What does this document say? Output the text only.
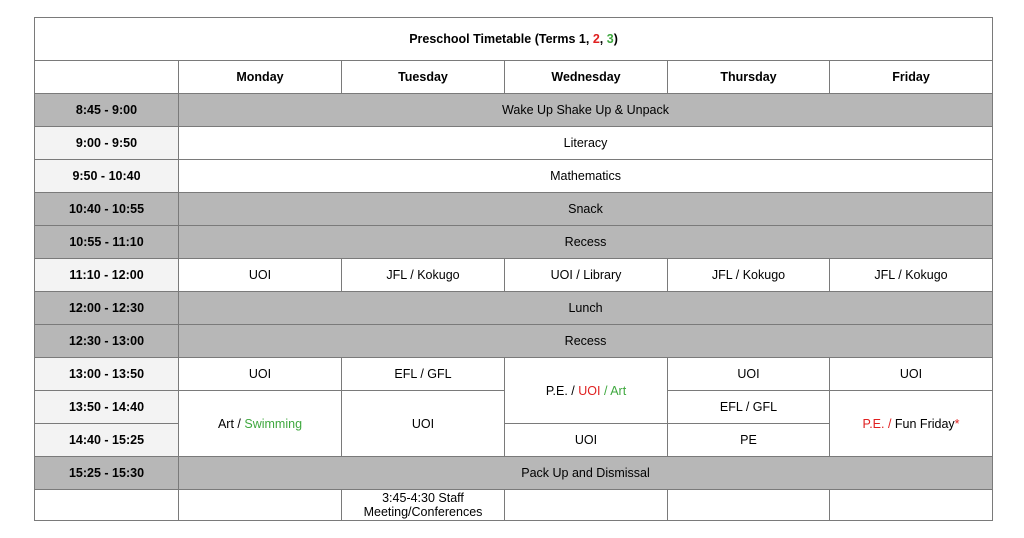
Preschool Timetable (Terms 1, 2, 3)					
	Monday	Tuesday	Wednesday	Thursday	Friday
8:45 - 9:00	Wake Up Shake Up & Unpack				
9:00 - 9:50	Literacy				
9:50 - 10:40	Mathematics				
10:40 - 10:55	Snack				
10:55 - 11:10	Recess				
11:10 - 12:00	UOI	JFL / Kokugo	UOI / Library	JFL / Kokugo	JFL / Kokugo
12:00 - 12:30	Lunch				
12:30 - 13:00	Recess				
13:00 - 13:50	UOI	EFL / GFL	P.E. / UOI / Art	UOI	UOI
13:50 - 14:40	Art / Swimming	UOI		EFL / GFL	P.E. / Fun Friday*
14:40 - 15:25			UOI	PE	
15:25 - 15:30	Pack Up and Dismissal				
		3:45-4:30 Staff Meeting/Conferences			
